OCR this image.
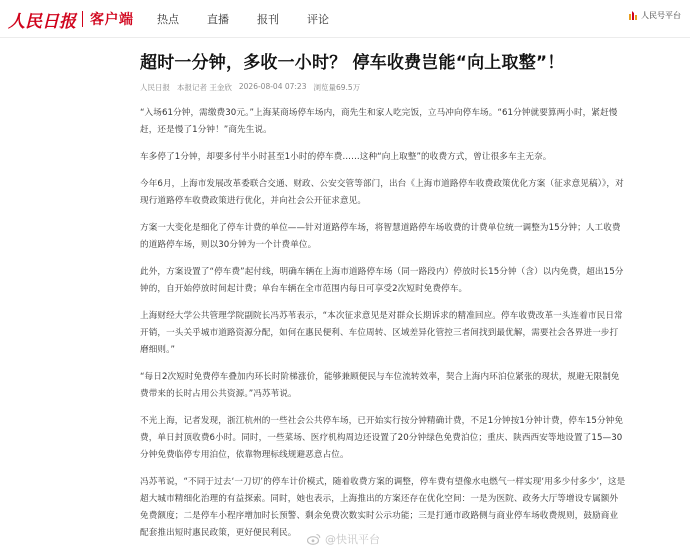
人民日报 客户端 热点	直播	报刊	评论	人民号平台
超时一分钟，多收一小时？ 停车收费岂能“向上取整”！
人民日报 本报记者 王金欣 2026-08-04 07:23 浏览量69.5万

“入场61分钟，需缴费30元。”上海某商场停车场内，商先生和家人吃完饭，立马冲向停车场。“61分钟就要算两小时，紧赶慢赶，还是慢了1分钟！”商先生说。

车多停了1分钟，却要多付半小时甚至1小时的停车费……这种“向上取整”的收费方式，曾让很多车主无奈。

今年6月，上海市发展改革委联合交通、财政、公安交管等部门，出台《上海市道路停车收费政策优化方案（征求意见稿）》，对现行道路停车收费政策进行优化，并向社会公开征求意见。

方案一大变化是细化了停车计费的单位——针对道路停车场，将智慧道路停车场收费的计费单位统一调整为15分钟；人工收费的道路停车场，则以30分钟为一个计费单位。

此外，方案设置了“停车费”起付线，明确车辆在上海市道路停车场（同一路段内）停放时长15分钟（含）以内免费，超出15分钟的，自开始停放时间起计费；单台车辆在全市范围内每日可享受2次短时免费停车。

上海财经大学公共管理学院副院长冯苏苇表示，“本次征求意见是对群众长期诉求的精准回应。停车收费改革一头连着市民日常开销，一头关乎城市道路资源分配，如何在惠民便利、车位周转、区域差异化管控三者间找到最优解，需要社会各界进一步打磨细则。”

“每日2次短时免费停车叠加内环长时阶梯涨价，能够兼顾便民与车位流转效率，契合上海内环泊位紧张的现状，规避无限制免费带来的长时占用公共资源。”冯苏苇说。

不光上海，记者发现，浙江杭州的一些社会公共停车场，已开始实行按分钟精确计费，不足1分钟按1分钟计费，停车15分钟免费，单日封顶收费6小时。同时，一些菜场、医疗机构周边还设置了20分钟绿色免费泊位；重庆、陕西西安等地设置了15—30分钟免费临停专用泊位，依靠物理标线规避恶意占位。

冯苏苇说，“不同于过去‘一刀切’的停车计价模式，随着收费方案的调整，停车费有望像水电燃气一样实现‘用多少付多少’，这是超大城市精细化治理的有益探索。同时，她也表示，上海推出的方案还存在优化空间：一是为医院、政务大厅等增设专属额外免费额度；二是停车小程序增加时长预警、剩余免费次数实时公示功能；三是打通市政路侧与商业停车场收费规则，鼓励商业配套推出短时惠民政策，更好便民利民。	@快讯平台
